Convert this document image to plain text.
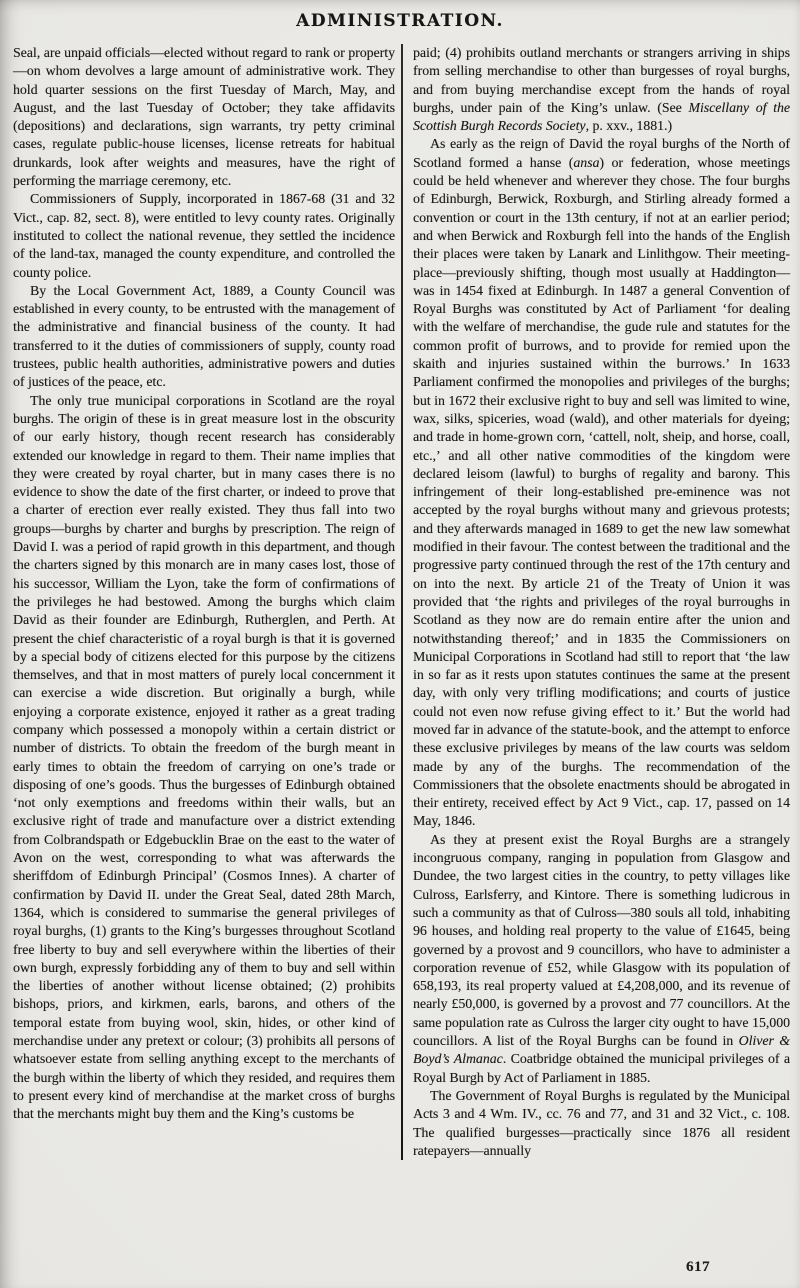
ADMINISTRATION.

Seal, are unpaid officials—elected without regard to rank or property—on whom devolves a large amount of administrative work. They hold quarter sessions on the first Tuesday of March, May, and August, and the last Tuesday of October; they take affidavits (depositions) and declarations, sign warrants, try petty criminal cases, regulate public-house licenses, license retreats for habitual drunkards, look after weights and measures, have the right of performing the marriage ceremony, etc.

Commissioners of Supply, incorporated in 1867-68 (31 and 32 Vict., cap. 82, sect. 8), were entitled to levy county rates. Originally instituted to collect the national revenue, they settled the incidence of the land-tax, managed the county expenditure, and controlled the county police.

By the Local Government Act, 1889, a County Council was established in every county, to be entrusted with the management of the administrative and financial business of the county. It had transferred to it the duties of commissioners of supply, county road trustees, public health authorities, administrative powers and duties of justices of the peace, etc.

The only true municipal corporations in Scotland are the royal burghs. The origin of these is in great measure lost in the obscurity of our early history, though recent research has considerably extended our knowledge in regard to them. Their name implies that they were created by royal charter, but in many cases there is no evidence to show the date of the first charter, or indeed to prove that a charter of erection ever really existed. They thus fall into two groups—burghs by charter and burghs by prescription. The reign of David I. was a period of rapid growth in this department, and though the charters signed by this monarch are in many cases lost, those of his successor, William the Lyon, take the form of confirmations of the privileges he had bestowed. Among the burghs which claim David as their founder are Edinburgh, Rutherglen, and Perth. At present the chief characteristic of a royal burgh is that it is governed by a special body of citizens elected for this purpose by the citizens themselves, and that in most matters of purely local concernment it can exercise a wide discretion. But originally a burgh, while enjoying a corporate existence, enjoyed it rather as a great trading company which possessed a monopoly within a certain district or number of districts. To obtain the freedom of the burgh meant in early times to obtain the freedom of carrying on one’s trade or disposing of one’s goods. Thus the burgesses of Edinburgh obtained ‘not only exemptions and freedoms within their walls, but an exclusive right of trade and manufacture over a district extending from Colbrandspath or Edgebucklin Brae on the east to the water of Avon on the west, corresponding to what was afterwards the sheriffdom of Edinburgh Principal’ (Cosmos Innes). A charter of confirmation by David II. under the Great Seal, dated 28th March, 1364, which is considered to summarise the general privileges of royal burghs, (1) grants to the King’s burgesses throughout Scotland free liberty to buy and sell everywhere within the liberties of their own burgh, expressly forbidding any of them to buy and sell within the liberties of another without license obtained; (2) prohibits bishops, priors, and kirkmen, earls, barons, and others of the temporal estate from buying wool, skin, hides, or other kind of merchandise under any pretext or colour; (3) prohibits all persons of whatsoever estate from selling anything except to the merchants of the burgh within the liberty of which they resided, and requires them to present every kind of merchandise at the market cross of burghs that the merchants might buy them and the King’s customs be

paid; (4) prohibits outland merchants or strangers arriving in ships from selling merchandise to other than burgesses of royal burghs, and from buying merchandise except from the hands of royal burghs, under pain of the King’s unlaw. (See Miscellany of the Scottish Burgh Records Society, p. xxv., 1881.)

As early as the reign of David the royal burghs of the North of Scotland formed a hanse (ansa) or federation, whose meetings could be held whenever and wherever they chose. The four burghs of Edinburgh, Berwick, Roxburgh, and Stirling already formed a convention or court in the 13th century, if not at an earlier period; and when Berwick and Roxburgh fell into the hands of the English their places were taken by Lanark and Linlithgow. Their meeting-place—previously shifting, though most usually at Haddington—was in 1454 fixed at Edinburgh. In 1487 a general Convention of Royal Burghs was constituted by Act of Parliament ‘for dealing with the welfare of merchandise, the gude rule and statutes for the common profit of burrows, and to provide for remied upon the skaith and injuries sustained within the burrows.’ In 1633 Parliament confirmed the monopolies and privileges of the burghs; but in 1672 their exclusive right to buy and sell was limited to wine, wax, silks, spiceries, woad (wald), and other materials for dyeing; and trade in home-grown corn, ‘cattell, nolt, sheip, and horse, coall, etc.,’ and all other native commodities of the kingdom were declared leisom (lawful) to burghs of regality and barony. This infringement of their long-established pre-eminence was not accepted by the royal burghs without many and grievous protests; and they afterwards managed in 1689 to get the new law somewhat modified in their favour. The contest between the traditional and the progressive party continued through the rest of the 17th century and on into the next. By article 21 of the Treaty of Union it was provided that ‘the rights and privileges of the royal burroughs in Scotland as they now are do remain entire after the union and notwithstanding thereof;’ and in 1835 the Commissioners on Municipal Corporations in Scotland had still to report that ‘the law in so far as it rests upon statutes continues the same at the present day, with only very trifling modifications; and courts of justice could not even now refuse giving effect to it.’ But the world had moved far in advance of the statute-book, and the attempt to enforce these exclusive privileges by means of the law courts was seldom made by any of the burghs. The recommendation of the Commissioners that the obsolete enactments should be abrogated in their entirety, received effect by Act 9 Vict., cap. 17, passed on 14 May, 1846.

As they at present exist the Royal Burghs are a strangely incongruous company, ranging in population from Glasgow and Dundee, the two largest cities in the country, to petty villages like Culross, Earlsferry, and Kintore. There is something ludicrous in such a community as that of Culross—380 souls all told, inhabiting 96 houses, and holding real property to the value of £1645, being governed by a provost and 9 councillors, who have to administer a corporation revenue of £52, while Glasgow with its population of 658,193, its real property valued at £4,208,000, and its revenue of nearly £50,000, is governed by a provost and 77 councillors. At the same population rate as Culross the larger city ought to have 15,000 councillors. A list of the Royal Burghs can be found in Oliver & Boyd’s Almanac. Coatbridge obtained the municipal privileges of a Royal Burgh by Act of Parliament in 1885.

The Government of Royal Burghs is regulated by the Municipal Acts 3 and 4 Wm. IV., cc. 76 and 77, and 31 and 32 Vict., c. 108. The qualified burgesses—practically since 1876 all resident ratepayers—annually

617
